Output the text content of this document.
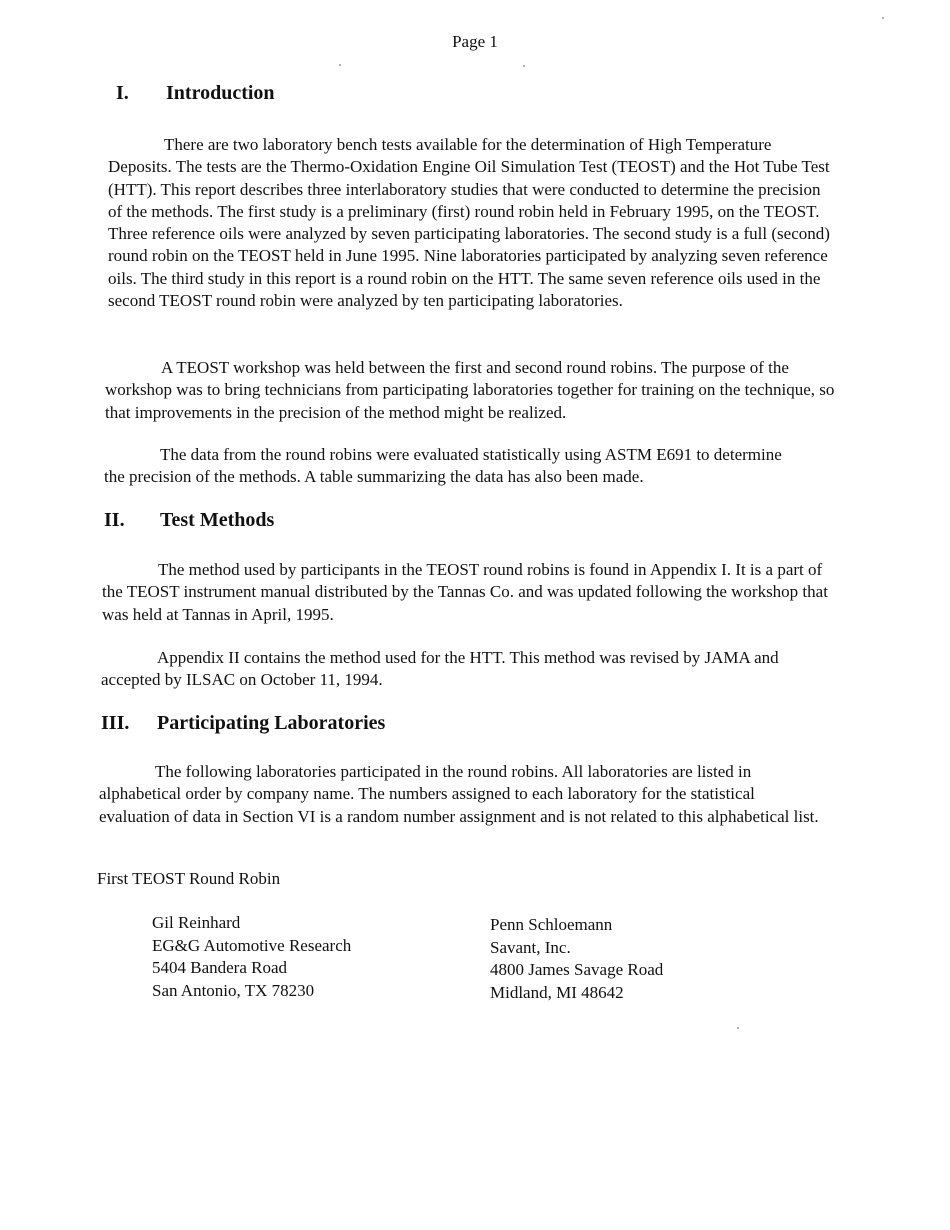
Page 1
I.	Introduction

There are two laboratory bench tests available for the determination of High Temperature Deposits. The tests are the Thermo-Oxidation Engine Oil Simulation Test (TEOST) and the Hot Tube Test (HTT). This report describes three interlaboratory studies that were conducted to determine the precision of the methods. The first study is a preliminary (first) round robin held in February 1995, on the TEOST. Three reference oils were analyzed by seven participating laboratories. The second study is a full (second) round robin on the TEOST held in June 1995. Nine laboratories participated by analyzing seven reference oils. The third study in this report is a round robin on the HTT. The same seven reference oils used in the second TEOST round robin were analyzed by ten participating laboratories.

A TEOST workshop was held between the first and second round robins. The purpose of the workshop was to bring technicians from participating laboratories together for training on the technique, so that improvements in the precision of the method might be realized.

The data from the round robins were evaluated statistically using ASTM E691 to determine the precision of the methods. A table summarizing the data has also been made.

II.	Test Methods

The method used by participants in the TEOST round robins is found in Appendix I. It is a part of the TEOST instrument manual distributed by the Tannas Co. and was updated following the workshop that was held at Tannas in April, 1995.

Appendix II contains the method used for the HTT. This method was revised by JAMA and accepted by ILSAC on October 11, 1994.

III.	Participating Laboratories

The following laboratories participated in the round robins. All laboratories are listed in alphabetical order by company name. The numbers assigned to each laboratory for the statistical evaluation of data in Section VI is a random number assignment and is not related to this alphabetical list.

First TEOST Round Robin
Gil Reinhard
EG&G Automotive Research
5404 Bandera Road
San Antonio, TX 78230
Penn Schloemann
Savant, Inc.
4800 James Savage Road
Midland, MI 48642
